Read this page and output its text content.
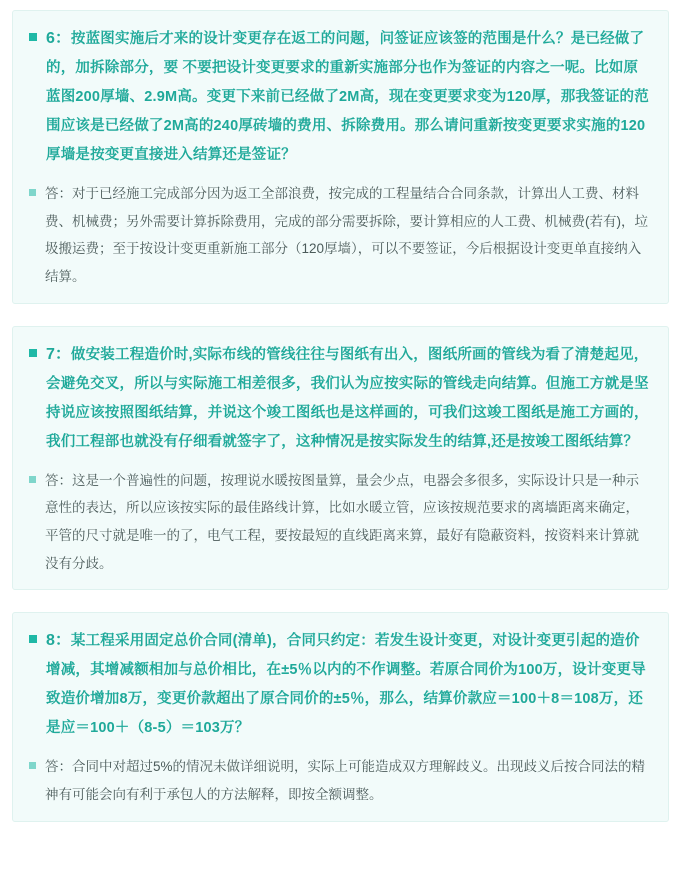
6：按蓝图实施后才来的设计变更存在返工的问题，问签证应该签的范围是什么？是已经做了的，加拆除部分，要 不要把设计变更要求的重新实施部分也作为签证的内容之一呢。比如原蓝图200厚墙、2.9M高。变更下来前已经做了2M高，现在变更要求变为120厚，那我签证的范围应该是已经做了2M高的240厚砖墙的费用、拆除费用。那么请问重新按变更要求实施的120厚墙是按变更直接进入结算还是签证？
答：对于已经施工完成部分因为返工全部浪费，按完成的工程量结合合同条款，计算出人工费、材料费、机械费；另外需要计算拆除费用，完成的部分需要拆除，要计算相应的人工费、机械费(若有)，垃圾搬运费；至于按设计变更重新施工部分（120厚墙），可以不要签证，今后根据设计变更单直接纳入结算。
7：做安装工程造价时,实际布线的管线往往与图纸有出入，图纸所画的管线为看了清楚起见，会避免交叉，所以与实际施工相差很多，我们认为应按实际的管线走向结算。但施工方就是坚持说应该按照图纸结算，并说这个竣工图纸也是这样画的，可我们这竣工图纸是施工方画的，我们工程部也就没有仔细看就签字了，这种情况是按实际发生的结算,还是按竣工图纸结算？
答：这是一个普遍性的问题，按理说水暖按图量算，量会少点，电器会多很多，实际设计只是一种示意性的表达，所以应该按实际的最佳路线计算，比如水暖立管，应该按规范要求的离墙距离来确定，平管的尺寸就是唯一的了，电气工程，要按最短的直线距离来算，最好有隐蔽资料，按资料来计算就没有分歧。
8：某工程采用固定总价合同(清单)，合同只约定：若发生设计变更，对设计变更引起的造价增减，其增减额相加与总价相比，在±5％以内的不作调整。若原合同价为100万，设计变更导致造价增加8万，变更价款超出了原合同价的±5％，那么，结算价款应＝100＋8＝108万，还是应＝100＋（8-5）＝103万？
答：合同中对超过5%的情况未做详细说明，实际上可能造成双方理解歧义。出现歧义后按合同法的精神有可能会向有利于承包人的方法解释，即按全额调整。
